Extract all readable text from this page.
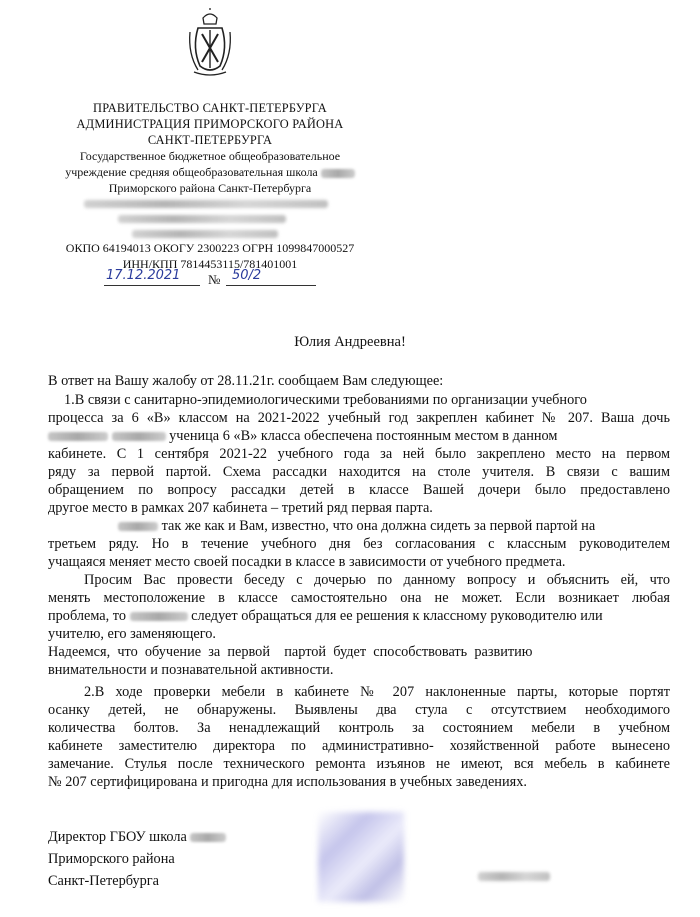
ПРАВИТЕЛЬСТВО САНКТ-ПЕТЕРБУРГА
АДМИНИСТРАЦИЯ ПРИМОРСКОГО РАЙОНА
САНКТ-ПЕТЕРБУРГА
Государственное бюджетное общеобразовательное
учреждение средняя общеобразовательная школа
Приморского района Санкт-Петербурга
ОКПО 64194013 ОКОГУ 2300223 ОГРН 1099847000527
ИНН/КПП 7814453115/781401001
17.12.2021 № 50/2
Юлия Андреевна!
В ответ на Вашу жалобу от 28.11.21г. сообщаем Вам следующее:
1.В связи с санитарно-эпидемиологическими требованиями по организации учебного
процесса за 6 «В» классом на 2021-2022 учебный год закреплен кабинет № 207. Ваша дочь
ученица 6 «В» класса обеспечена постоянным местом в данном
кабинете. С 1 сентября 2021-22 учебного года за ней было закреплено место на первом
ряду за первой партой. Схема рассадки находится на столе учителя. В связи с вашим
обращением по вопросу рассадки детей в классе Вашей дочери было предоставлено
другое место в рамках 207 кабинета – третий ряд первая парта.
так же как и Вам, известно, что она должна сидеть за первой партой на
третьем ряду. Но в течение учебного дня без согласования с классным руководителем
учащаяся меняет место своей посадки в классе в зависимости от учебного предмета.
Просим Вас провести беседу с дочерью по данному вопросу и объяснить ей, что
менять местоположение в классе самостоятельно она не может. Если возникает любая
проблема, то	следует обращаться для ее решения к классному руководителю или
учителю, его заменяющего.
Надеемся,  что  обучение  за  первой    партой  будет  способствовать  развитию
внимательности и познавательной активности.
2.В ходе проверки мебели в кабинете № 207 наклоненные парты, которые портят
осанку детей, не обнаружены. Выявлены два стула с отсутствием необходимого
количества болтов. За ненадлежащий контроль за состоянием мебели в учебном
кабинете заместителю директора по административно- хозяйственной работе вынесено
замечание. Стулья после технического ремонта изъянов не имеют, вся мебель в кабинете
№ 207 сертифицирована и пригодна для использования в учебных заведениях.
Директор ГБОУ школа
Приморского района
Санкт-Петербурга
